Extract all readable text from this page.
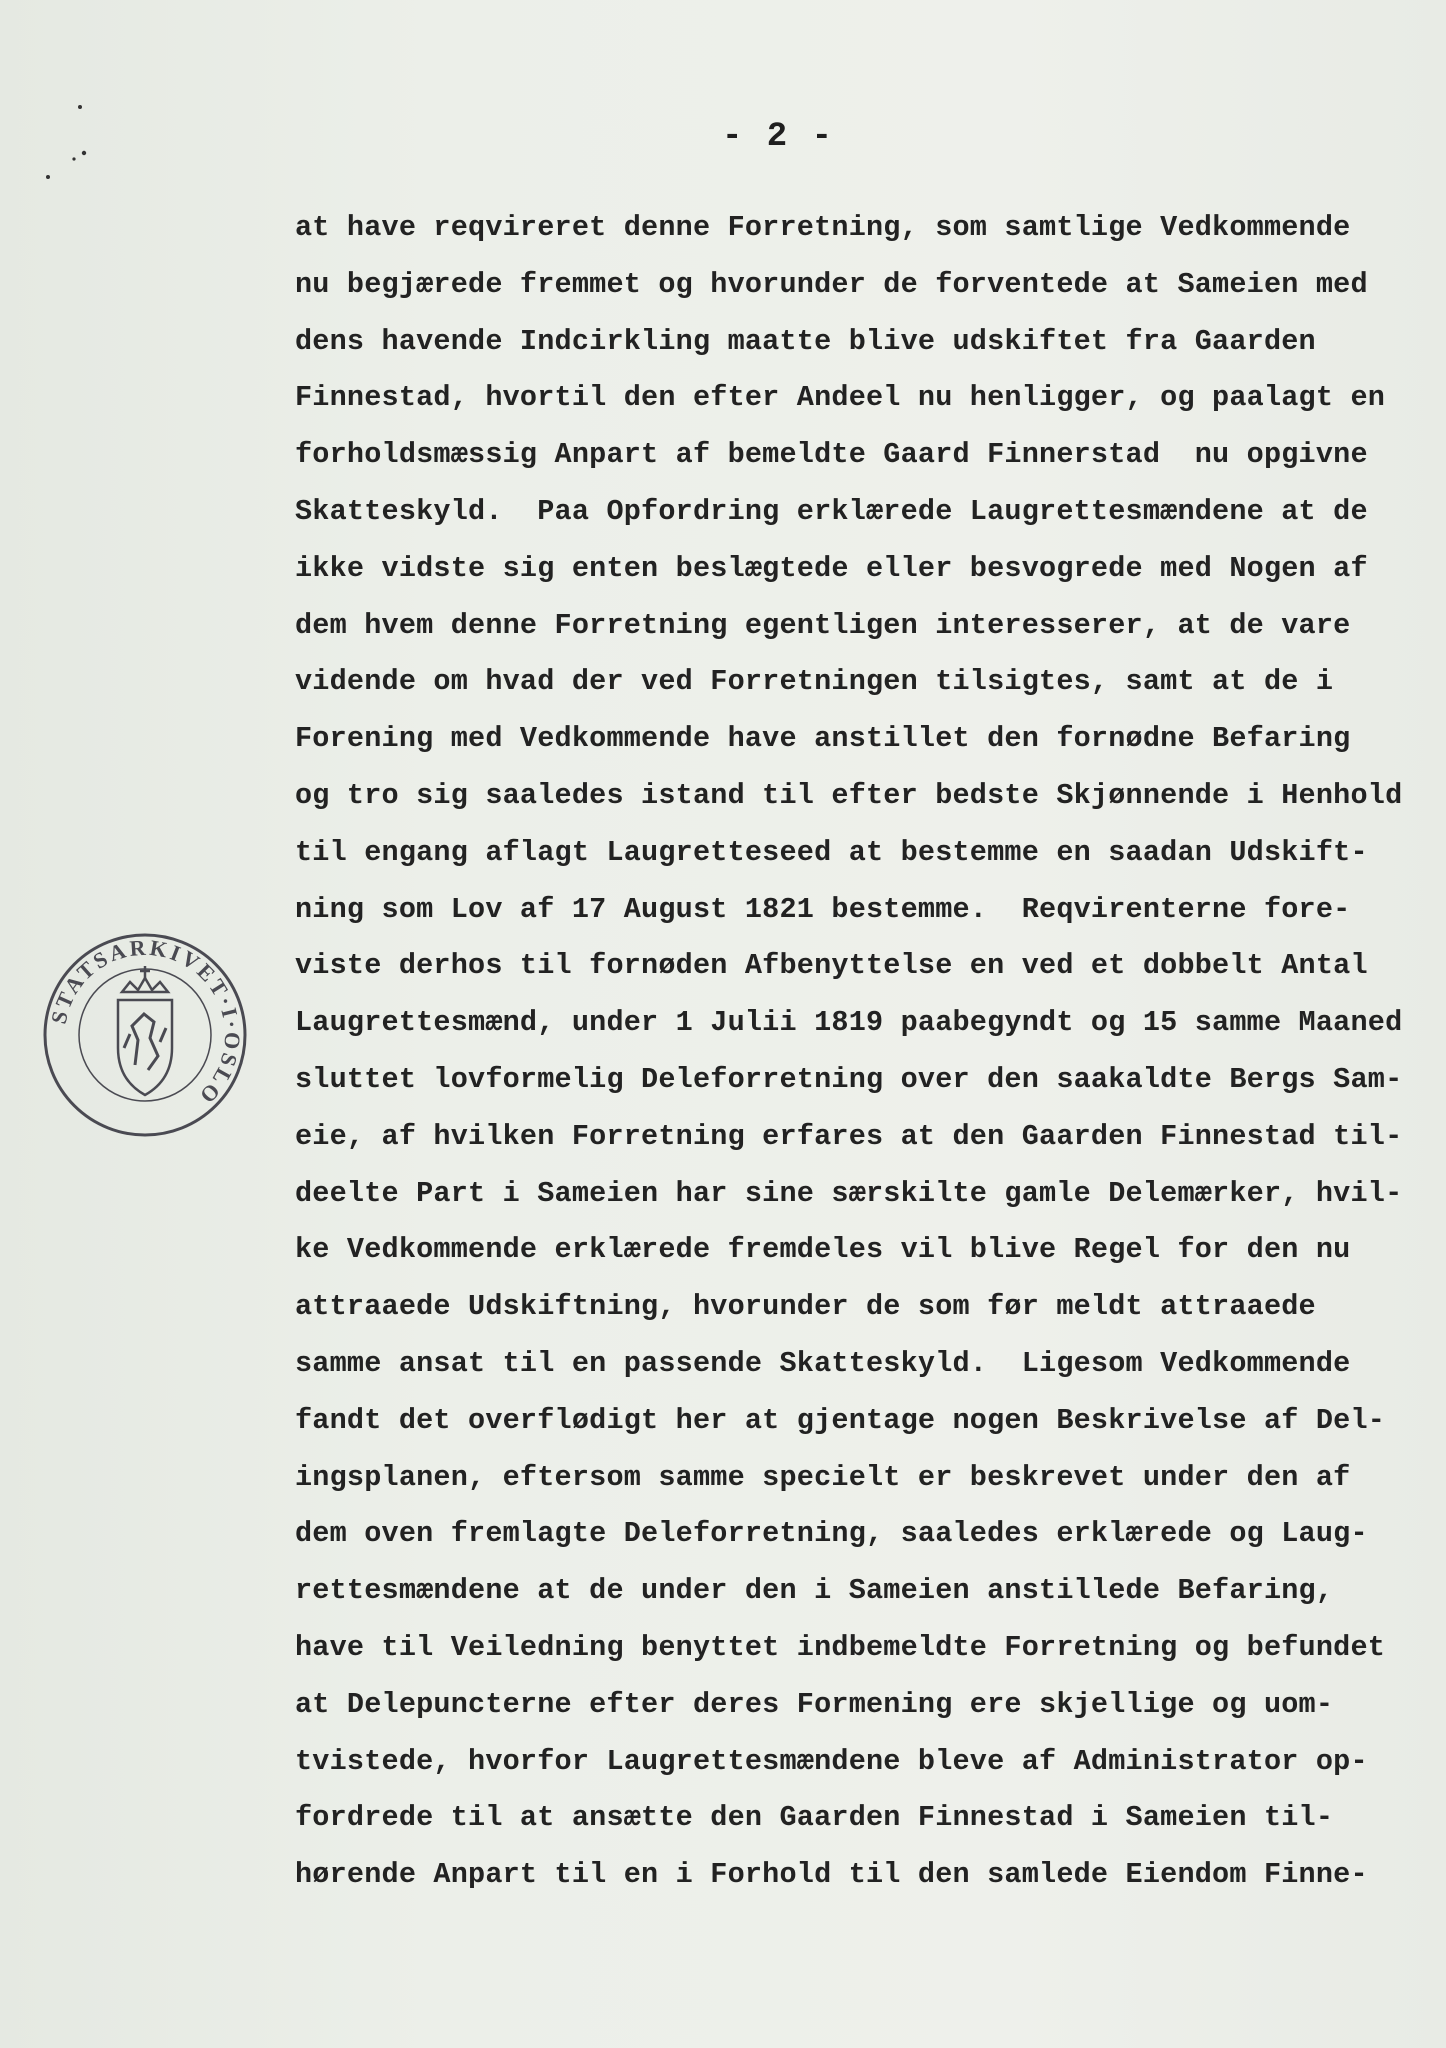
- 2 -
at have reqvireret denne Forretning, som samtlige Vedkommende
nu begjærede fremmet og hvorunder de forventede at Sameien med
dens havende Indcirkling maatte blive udskiftet fra Gaarden
Finnestad, hvortil den efter Andeel nu henligger, og paalagt en
forholdsmæssig Anpart af bemeldte Gaard Finnerstad  nu opgivne
Skatteskyld.  Paa Opfordring erklærede Laugrettesmændene at de
ikke vidste sig enten beslægtede eller besvogrede med Nogen af
dem hvem denne Forretning egentligen interesserer, at de vare
vidende om hvad der ved Forretningen tilsigtes, samt at de i
Forening med Vedkommende have anstillet den fornødne Befaring
og tro sig saaledes istand til efter bedste Skjønnende i Henhold
til engang aflagt Laugretteseed at bestemme en saadan Udskift-
ning som Lov af 17 August 1821 bestemme.  Reqvirenterne fore-
viste derhos til fornøden Afbenyttelse en ved et dobbelt Antal
Laugrettesmænd, under 1 Julii 1819 paabegyndt og 15 samme Maaned
sluttet lovformelig Deleforretning over den saakaldte Bergs Sam-
eie, af hvilken Forretning erfares at den Gaarden Finnestad til-
deelte Part i Sameien har sine særskilte gamle Delemærker, hvil-
ke Vedkommende erklærede fremdeles vil blive Regel for den nu
attraaede Udskiftning, hvorunder de som før meldt attraaede
samme ansat til en passende Skatteskyld.  Ligesom Vedkommende
fandt det overflødigt her at gjentage nogen Beskrivelse af Del-
ingsplanen, eftersom samme specielt er beskrevet under den af
dem oven fremlagte Deleforretning, saaledes erklærede og Laug-
rettesmændene at de under den i Sameien anstillede Befaring,
have til Veiledning benyttet indbemeldte Forretning og befundet
at Delepuncterne efter deres Formening ere skjellige og uom-
tvistede, hvorfor Laugrettesmændene bleve af Administrator op-
fordrede til at ansætte den Gaarden Finnestad i Sameien til-
hørende Anpart til en i Forhold til den samlede Eiendom Finne-
STATSARKIVET·I·OSLO
